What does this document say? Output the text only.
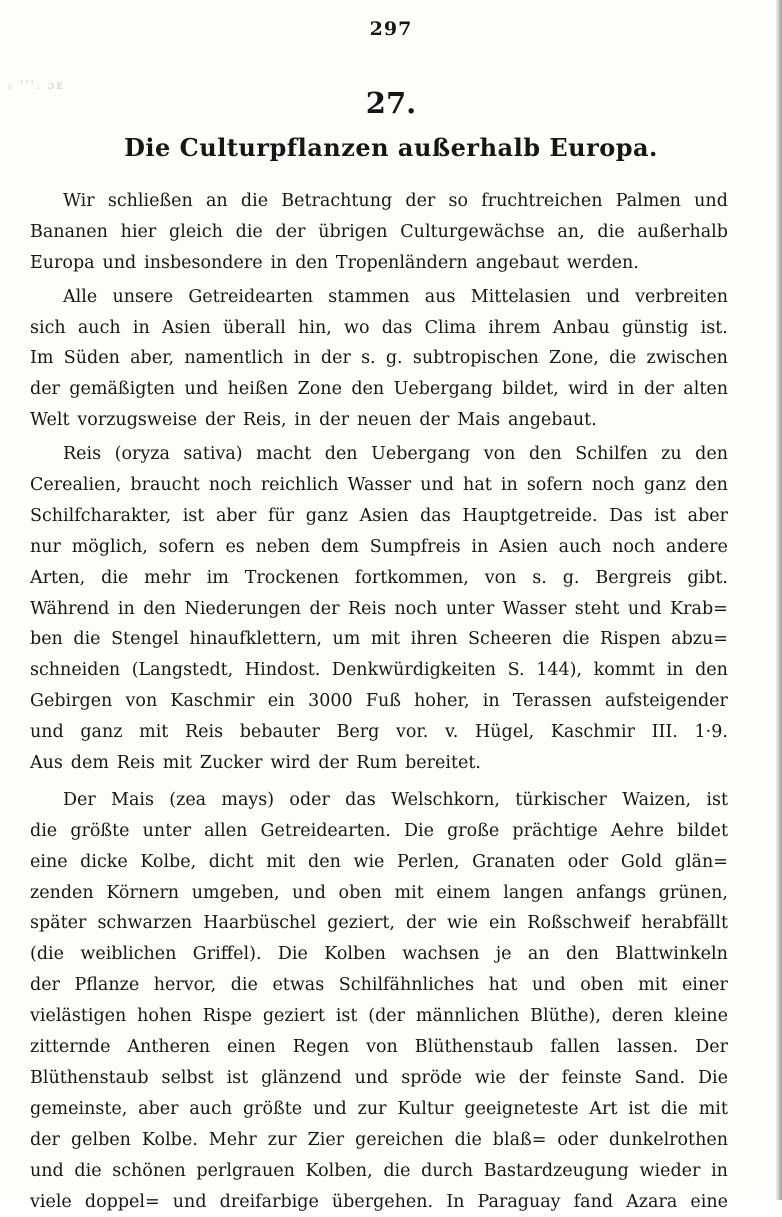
297
ᵣ '''. ɔᴇ
27.
Die Culturpflanzen außerhalb Europa.
Wir schließen an die Betrachtung der so fruchtreichen Palmen und
Bananen hier gleich die der übrigen Culturgewächse an, die außerhalb
Europa und insbesondere in den Tropenländern angebaut werden.
Alle unsere Getreidearten stammen aus Mittelasien und verbreiten
sich auch in Asien überall hin, wo das Clima ihrem Anbau günstig ist.
Im Süden aber, namentlich in der s. g. subtropischen Zone, die zwischen
der gemäßigten und heißen Zone den Uebergang bildet, wird in der alten
Welt vorzugsweise der Reis, in der neuen der Mais angebaut.
Reis (oryza sativa) macht den Uebergang von den Schilfen zu den
Cerealien, braucht noch reichlich Wasser und hat in sofern noch ganz den
Schilfcharakter, ist aber für ganz Asien das Hauptgetreide. Das ist aber
nur möglich, sofern es neben dem Sumpfreis in Asien auch noch andere
Arten, die mehr im Trockenen fortkommen, von s. g. Bergreis gibt.
Während in den Niederungen der Reis noch unter Wasser steht und Krab=
ben die Stengel hinaufklettern, um mit ihren Scheeren die Rispen abzu=
schneiden (Langstedt, Hindost. Denkwürdigkeiten S. 144), kommt in den
Gebirgen von Kaschmir ein 3000 Fuß hoher, in Terassen aufsteigender
und ganz mit Reis bebauter Berg vor. v. Hügel, Kaschmir III. 1·9.
Aus dem Reis mit Zucker wird der Rum bereitet.
Der Mais (zea mays) oder das Welschkorn, türkischer Waizen, ist
die größte unter allen Getreidearten. Die große prächtige Aehre bildet
eine dicke Kolbe, dicht mit den wie Perlen, Granaten oder Gold glän=
zenden Körnern umgeben, und oben mit einem langen anfangs grünen,
später schwarzen Haarbüschel geziert, der wie ein Roßschweif herabfällt
(die weiblichen Griffel). Die Kolben wachsen je an den Blattwinkeln
der Pflanze hervor, die etwas Schilfähnliches hat und oben mit einer
vielästigen hohen Rispe geziert ist (der männlichen Blüthe), deren kleine
zitternde Antheren einen Regen von Blüthenstaub fallen lassen. Der
Blüthenstaub selbst ist glänzend und spröde wie der feinste Sand. Die
gemeinste, aber auch größte und zur Kultur geeigneteste Art ist die mit
der gelben Kolbe. Mehr zur Zier gereichen die blaß= oder dunkelrothen
und die schönen perlgrauen Kolben, die durch Bastardzeugung wieder in
viele doppel= und dreifarbige übergehen. In Paraguay fand Azara eine
